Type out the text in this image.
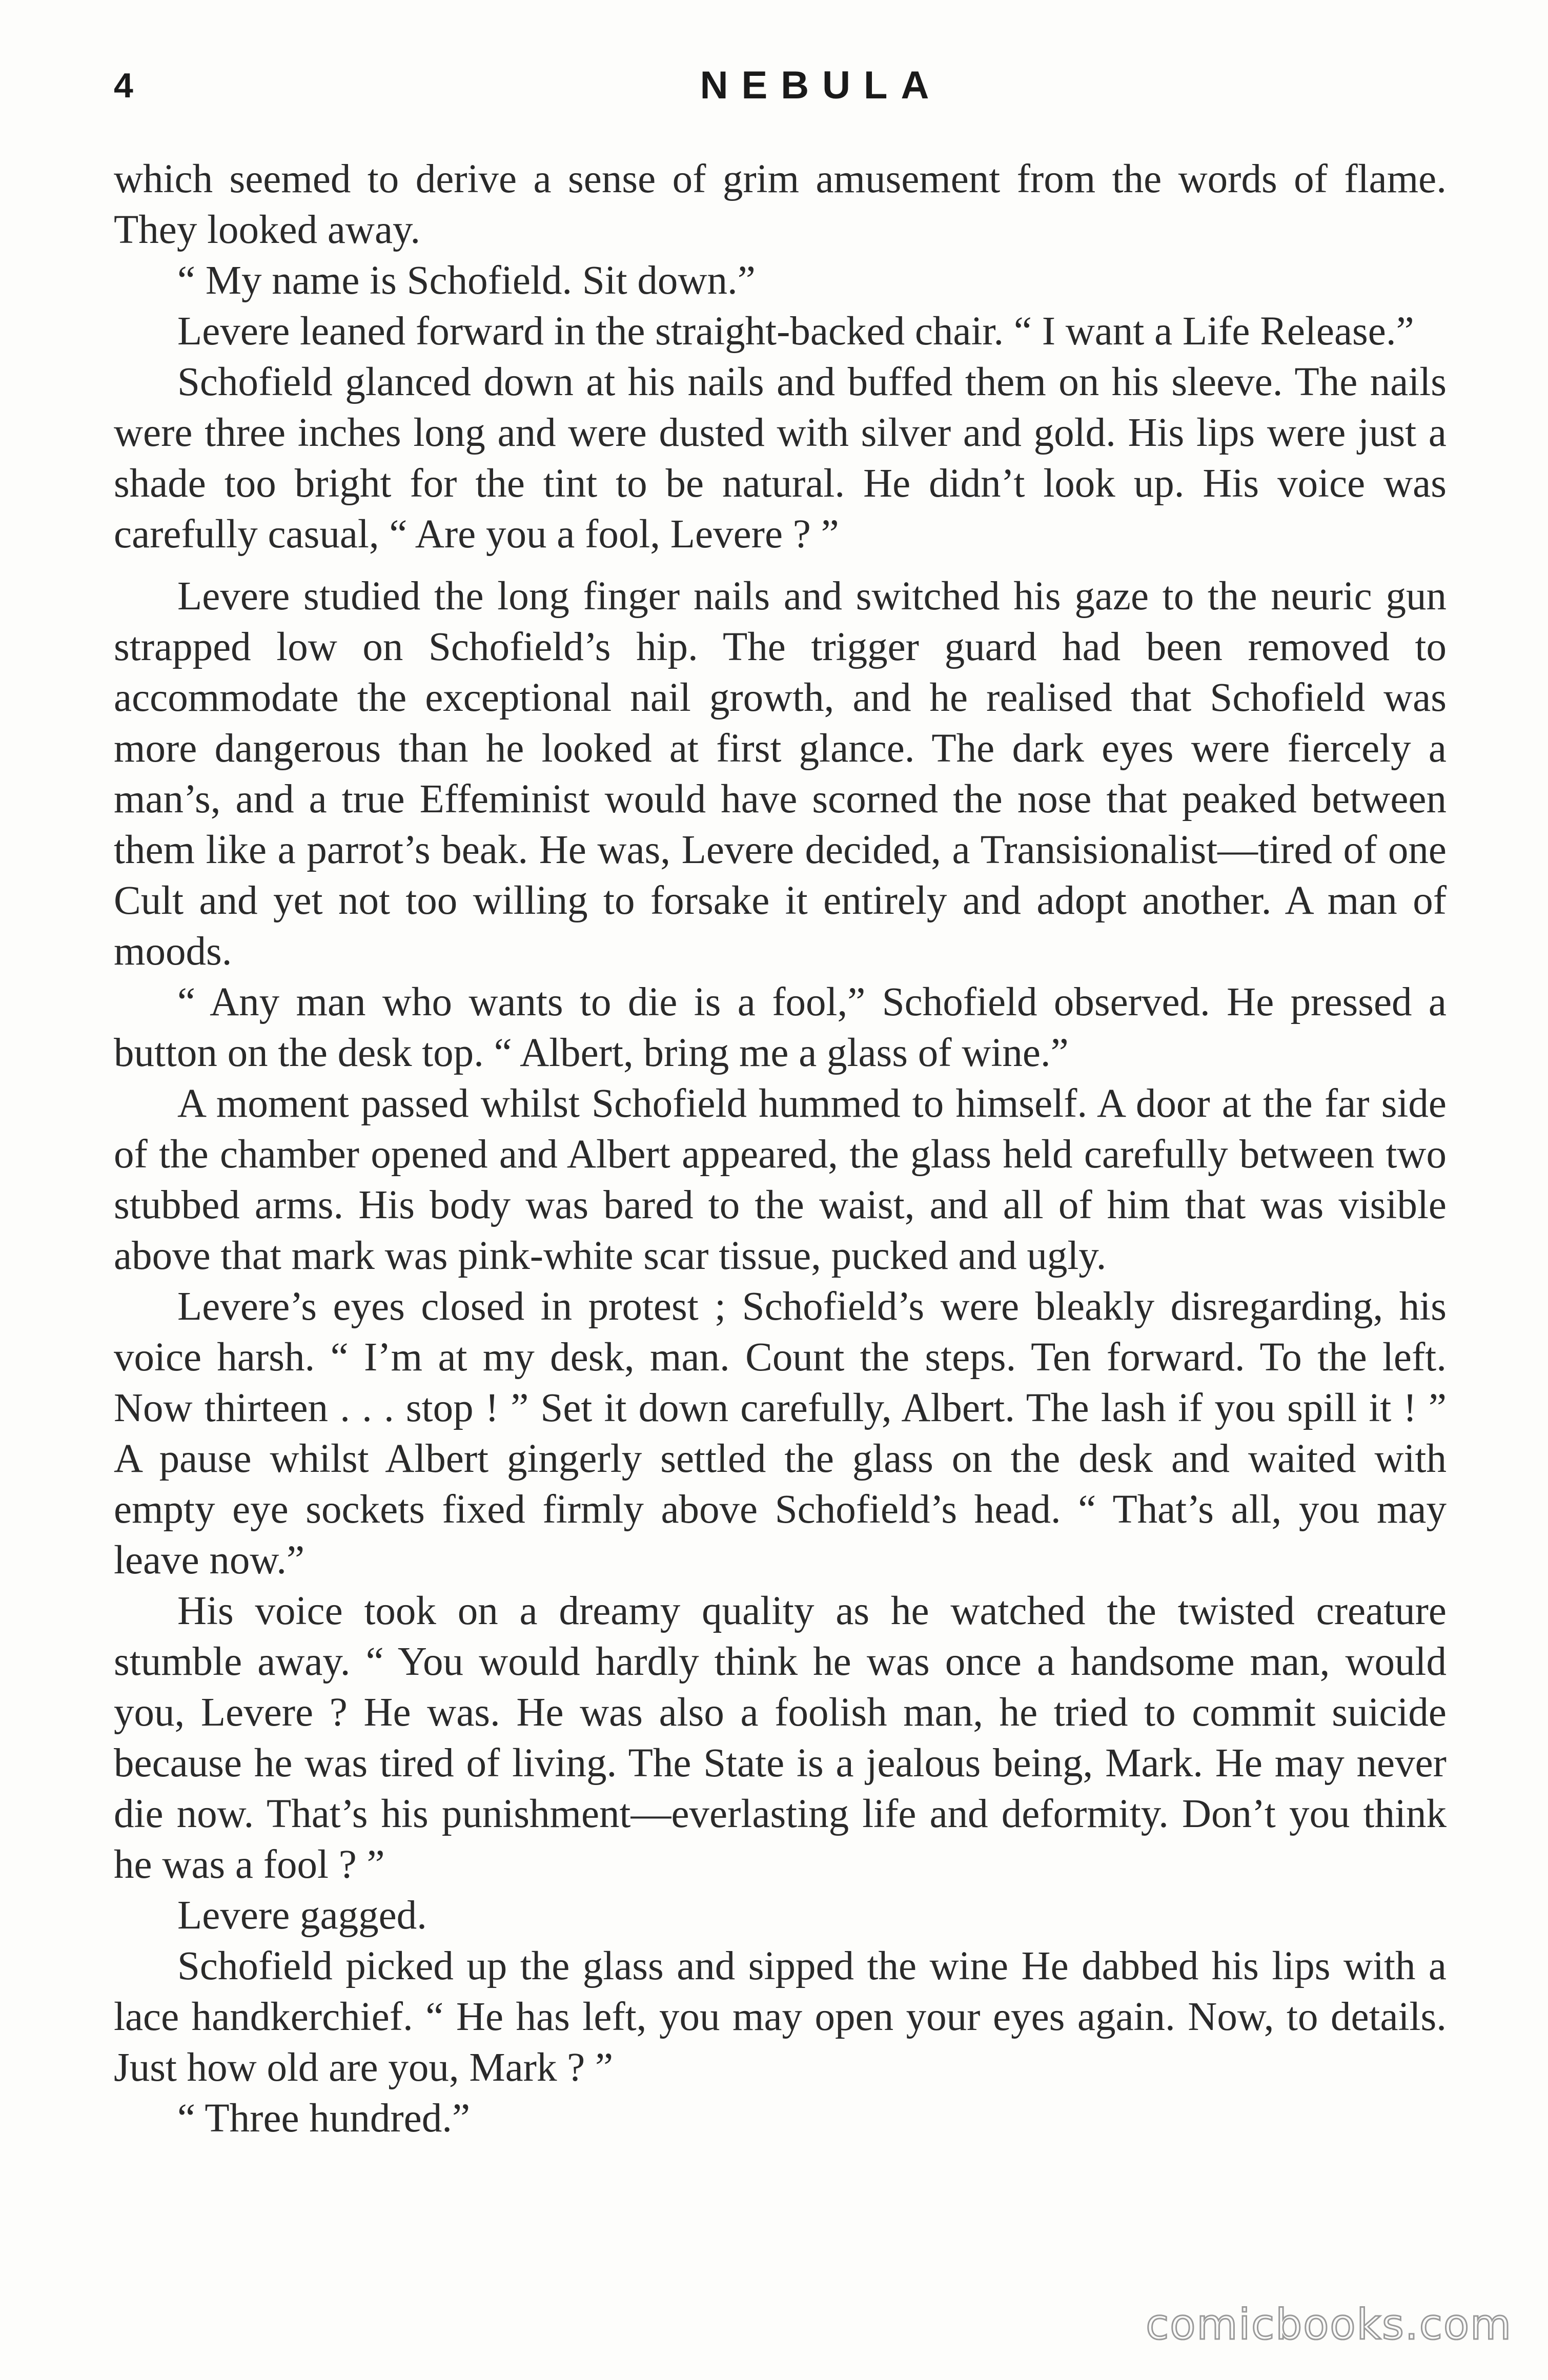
4	NEBULA

which seemed to derive a sense of grim amusement from the words of flame. They looked away.

“ My name is Schofield. Sit down.”

Levere leaned forward in the straight-backed chair. “ I want a Life Release.”

Schofield glanced down at his nails and buffed them on his sleeve. The nails were three inches long and were dusted with silver and gold. His lips were just a shade too bright for the tint to be natural. He didn’t look up. His voice was carefully casual, “ Are you a fool, Levere ? ”

Levere studied the long finger nails and switched his gaze to the neuric gun strapped low on Schofield’s hip. The trigger guard had been removed to accommodate the exceptional nail growth, and he realised that Schofield was more dangerous than he looked at first glance. The dark eyes were fiercely a man’s, and a true Effeminist would have scorned the nose that peaked between them like a parrot’s beak. He was, Levere decided, a Transisionalist—tired of one Cult and yet not too willing to forsake it entirely and adopt another. A man of moods.

“ Any man who wants to die is a fool,” Schofield observed. He pressed a button on the desk top. “ Albert, bring me a glass of wine.”

A moment passed whilst Schofield hummed to himself. A door at the far side of the chamber opened and Albert appeared, the glass held carefully between two stubbed arms. His body was bared to the waist, and all of him that was visible above that mark was pink-white scar tissue, pucked and ugly.

Levere’s eyes closed in protest ; Schofield’s were bleakly disregarding, his voice harsh. “ I’m at my desk, man. Count the steps. Ten forward. To the left. Now thirteen . . . stop ! ” Set it down carefully, Albert. The lash if you spill it ! ” A pause whilst Albert gingerly settled the glass on the desk and waited with empty eye sockets fixed firmly above Schofield’s head. “ That’s all, you may leave now.”

His voice took on a dreamy quality as he watched the twisted creature stumble away. “ You would hardly think he was once a handsome man, would you, Levere ? He was. He was also a foolish man, he tried to commit suicide because he was tired of living. The State is a jealous being, Mark. He may never die now. That’s his punishment—everlasting life and deformity. Don’t you think he was a fool ? ”

Levere gagged.

Schofield picked up the glass and sipped the wine He dabbed his lips with a lace handkerchief. “ He has left, you may open your eyes again. Now, to details. Just how old are you, Mark ? ”

“ Three hundred.”

comicbooks.com
